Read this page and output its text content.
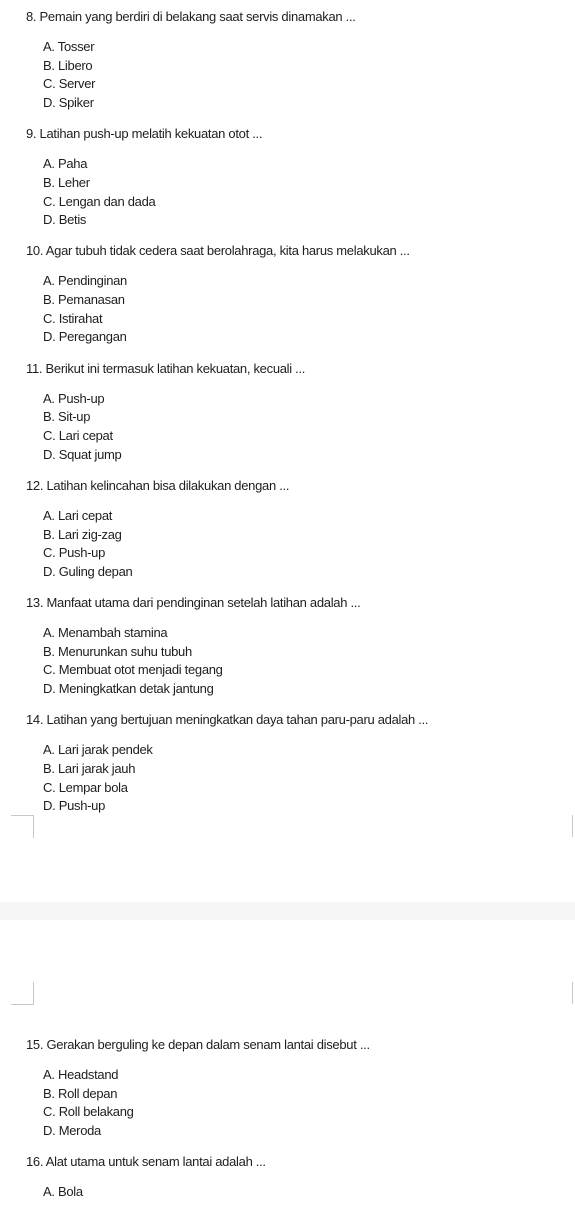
8. Pemain yang berdiri di belakang saat servis dinamakan ...
A. Tosser
B. Libero
C. Server
D. Spiker
9. Latihan push-up melatih kekuatan otot ...
A. Paha
B. Leher
C. Lengan dan dada
D. Betis
10. Agar tubuh tidak cedera saat berolahraga, kita harus melakukan ...
A. Pendinginan
B. Pemanasan
C. Istirahat
D. Peregangan
11. Berikut ini termasuk latihan kekuatan, kecuali ...
A. Push-up
B. Sit-up
C. Lari cepat
D. Squat jump
12. Latihan kelincahan bisa dilakukan dengan ...
A. Lari cepat
B. Lari zig-zag
C. Push-up
D. Guling depan
13. Manfaat utama dari pendinginan setelah latihan adalah ...
A. Menambah stamina
B. Menurunkan suhu tubuh
C. Membuat otot menjadi tegang
D. Meningkatkan detak jantung
14. Latihan yang bertujuan meningkatkan daya tahan paru-paru adalah ...
A. Lari jarak pendek
B. Lari jarak jauh
C. Lempar bola
D. Push-up
15. Gerakan berguling ke depan dalam senam lantai disebut ...
A. Headstand
B. Roll depan
C. Roll belakang
D. Meroda
16. Alat utama untuk senam lantai adalah ...
A. Bola
